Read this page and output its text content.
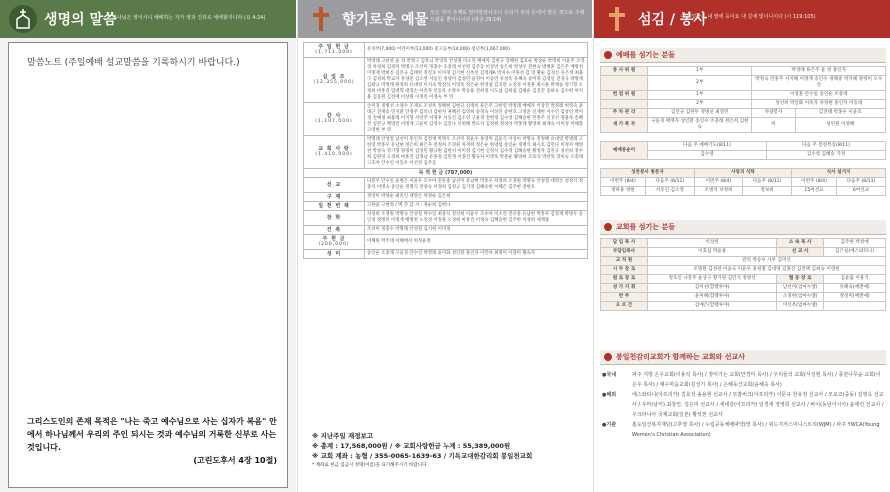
생명의 말씀
하나님은 영이시니 예배하는 자가 영과 진리로 예배할지니라 (요 4:24)
말씀노트 (주일예배 설교말씀을 기록하시기 바랍니다.)
그리스도인의 존재 목적은 "나는 죽고 예수님으로 사는 십자가 복음" 안에서 하나님께서 우리의 주인 되시는 것과 예수님의 거룩한 신부로 사는 것입니다.
(고린도후서 4장 10절)
향기로운 예물 모든 것이 주께로 말미암았사오니 우리가 주의 손에서 받은 것으로 주께 드렸을 뿐이니이다 (대상 29:14)
주 일 헌 금
(1,711,000)	유치부(7,000) 어린이부(13,000) 중고등부(14,000) 청년부(1,667,000)

십 일 조
(12,355,000)	박영래 고한영 윤 정 박병구 김옥녀 박영옥 안성철 이소연 배예자 김현규 장혜현 김호순 박상순 박명희 이윤주 조영경 차경희 김정미 박명구 조선미 정충수 조충래 이선영 김주동 이상연 송은희 박성우 전현숙 방병훈 김은주 배병천 이명재 박희진 김흥규 김태현 정진호 이미정 김기현 신옥선 김정래A 박지수 이원선 김 영 황순 김경신 유은정 최용구 김경희 박교자 유양준 김소영 서동인 정영미 김정민 윤정아 이승민 유성옥 유혜숙 송미정 김영일 전경규 박명재 김광규 박정래 원정희 유대영 이지숙 박진석 이영옥 정은순 한영섭 김귀란 노진경 이정훈 최시훈 박재승 정기형 오정희 마홍진 염대혁 대영손 이옥자 신동록 소양수 박승용 전희정 이도섭 김희섭 김평순 김진진 송하숙 김수현 허지용 김동원 김진애 이상원 이정옥 이경숙 부 영

감 사
(1,107,000)	손미경 정병선 소양수 조재포 조성옥 정혜현 김현규 신재옥 류은주 고한영 박정래 배예자 이상진 박정례 허영숙 윤대근 전재승 민지환 안정주 김옥녀 김현자 권혜선 김영희 송정숙 이상연 송현호 고영준 신재현 이수연 김상인 박미경 진예정 최용래 이지형 서연주 서정후 서동진 김소영 구윤경 전현정 김수영 김혜승현 민홍주 신귀선 정용욱 송혜선 심만규 백영민 이명재 고윤미 김영수 김진나 신현해 박도자 김정원 정성아 박홍래 황영희 최재숙 이미경 이해향 고영현 부 영

교 회 사 랑
(1,410,000)	박명래 안성철 남선미 홍인자 김정재 박명우 조선미 정윤수 홍영미 김윤식 이상이 박명숙 전정혜 유대영 박명례 고한영 박홍우 유남현 정은희 최은자 전정희 조경원 차경희 정은순 한영섭 송인순 정명식 최시호 김민나 이정자 배병천 박창숙 정기형 양정미 김영민 황규원 김현서 이미정 김기현 신정석 김수영 김혜승현 황정자 김흥규 성선희 정수희 김원영 오경희 마홍진 김정남 유홍정 김민재 이종진 황숙자 이병호 박봉순 황양희 조효석 박찬혁 장미숙 조충래 고호아 안수일 이동우 이선영 김주동
목 적 헌 금 (787,000)	

선 교	나봉주 안수일 윤병은 이윤우 조수아 전유중 남선미 유남현 박홍우 차경희 조경원 박명숙 안성철 대영손 성정식 정충석 이명숙 송인순 정명식 전양숙 이경희 김정규 김기영 김혜승현 이혜은 김주현 전현호

구 제	정영미 박성순 최옥인 대영손 차정순 김은희

일 천 번 제	고한윤 고현정 / 맥 추 감 사 : 권순희 김현나

장 학	차경희 조경원 박명숙 안성철 박수일 최홍석 정선희 이윤우 조수아 이소연 전유중 유남현 박홍우 김정재 박명우 송인경 정병선 이명재 배병천 노진경 이정훈 오경희 마홍진 이정숙 김혜승현 김주현 이경희 세계중

건 축	조선미 정충수 박명래 안성철 김기현 이미정

주 현 금
(200,000)	이혜원 박주대 서혜에서 허정윤정

성 미	송인순 조충래 구윤경 안수일 박명래 윤미화 성인환 홍인자 이민아 최정미 이영미 황숙자
※ 지난주일 재정보고
※ 총계 : 17,568,000원 / ※ 교회사랑헌금 누계 : 55,389,000원
※ 교회 계좌 : 농협 / 355-0065-1639-63 / 기독교대한감리회 봉일천교회
* 계좌로 헌금 입금시 성명(이름)을 표기해주시기 바랍니다.
섬김 / 봉사
주의 얼굴은 내 발에 등이요 내 길에 빛이니이다 (시 119:105)
예배를 섬기는 분들
봉 사 위 원	1부	박영래 류은주 윤 정 홍인자	
	2부	박정숙 민홍주 서지혜 이명재 송인수 정해중 박지혜 양정미 오수연	
헌 컵 위 원	1부	이정훈 안수일 송인순 조충래	
	2부	성선희 박연화 이옥자 차정현 홍인자 이동대	
주 차 관 리	김진규 김한두 정병선 최영민	차량봉사	김진태 박홍우 이윤호
새 가 족 부	구윤경 배재자 성인환 송인수 조충래 정은희 김현숙	미	성민원 이영혜
예배봉순이	다음 주 예배기도(8/11)	다음 주 봉헌특송(8/11)
	김수영	김수영 김혜승 가정
성찬봉사 방문자		사랑의 식탁		식사 설거지	
이번주 (8/4)	다음주 (8/11)	이번주 (8/4)	다음주 (8/11)	이번주 (8/4)	다음주 (8/11)
정하용 정현	서동인 김소영	조병석 차정희	정보희	15여선교	6여선교
교회를 섬기는 분들
담 임 목 사	이상빈	소 속 목 사	김주현 박정애
부담임목사	이효섭 박윤홍	선 교 사	김은실(에스와티니)
교 직 원	관리 박승우 사무 김미선		
시 무 장 로	조명원 김성관 이윤숙 이윤우 홍성철 김대영 김종진 김진택 김희숙 이영헌		
원 로 장 로	정호인 나봉주 윤상구 황기원 김민식 정병선	협 동 장 로	김윤출 이홍기
성 가 지 휘	김미선(할렐루야)	남선미(임마누엘)	유혜숙(예앤애)
반 주	윤미혜(할렐루야)	소경현(임마누엘)	정성미(예앤애)
오 르 간	김예은(할렐루야)	이선옥(임마누엘)	
봉일천감리교회가 함께하는 교회와 선교사
●국내	파주 지방 은우교회(이용석 목사) / 장미가는 교회(안경미 목사) / 우리들의 교회(서성현 목사) / 풍천나무숲 교회(이은우 목사) / 예수마음교회(김성기 목사) / 은혜동산교회(윤혜숙 목사)
●해외	에스와티니(아프리카) 김효성 송용현 선교사 / 모잠비크(아프리카) 이문규 한유정 선교사 / 모로코(중동) 김영옥 선교사 / 우마(남미) 최창린, 김은미 선교사 / 세네갈(아프리카) 임경세 정영희 선교사 / 바이(동남아시아) 윤에린 선교사 / 우크라니아 국제교회(일본) 황석천 선교사
●기관	홈도일산복지재단(고추영 목사) / 누림공동체배따약(망 목사) / 위드지저스미니스트리(WJM) / 파주 YWCA(Young Women's Christian Association)
